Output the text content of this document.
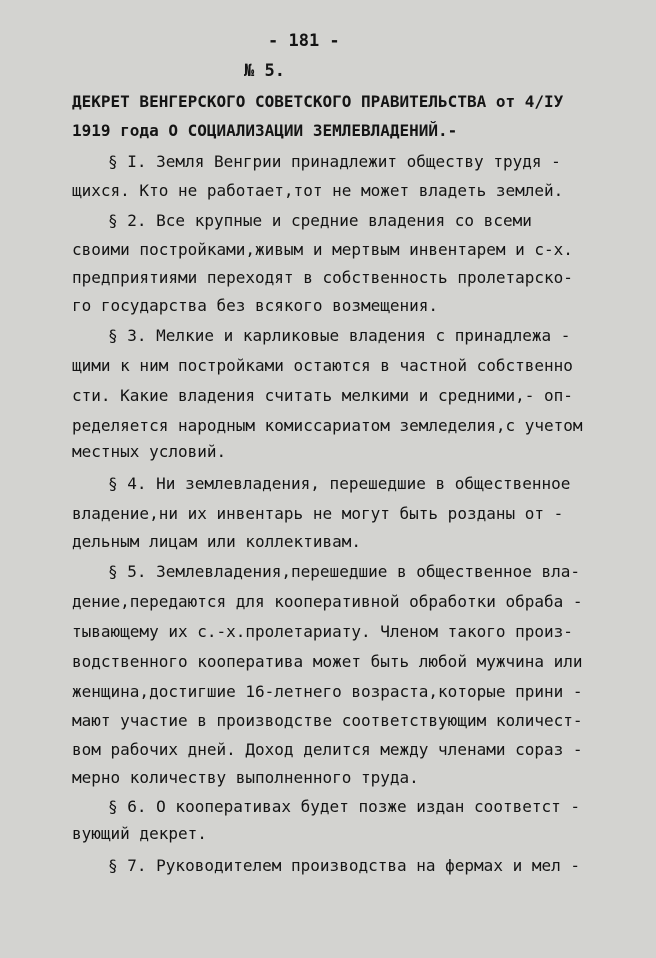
- 181 -
№ 5.
ДЕКРЕТ ВЕНГЕРСКОГО СОВЕТСКОГО ПРАВИТЕЛЬСТВА от 4/IУ
1919 года О СОЦИАЛИЗАЦИИ ЗЕМЛЕВЛАДЕНИЙ.-
§ I. Земля Венгрии принадлежит обществу трудя -
щихся. Кто не работает,тот не может владеть землей.
§ 2. Все крупные и средние владения со всеми
своими постройками,живым и мертвым инвентарем и с-х.
предприятиями переходят в собственность пролетарско-
го государства без всякого возмещения.
§ 3. Мелкие и карликовые владения с принадлежа -
щими к ним постройками остаются в частной собственно
сти. Какие владения считать мелкими и средними,- оп-
ределяется народным комиссариатом земледелия,с учетом
местных условий.
§ 4. Ни землевладения, перешедшие в общественное
владение,ни их инвентарь не могут быть розданы от -
дельным лицам или коллективам.
§ 5. Землевладения,перешедшие в общественное вла-
дение,передаются для кооперативной обработки обраба -
тывающему их с.-х.пролетариату. Членом такого произ-
водственного кооператива может быть любой мужчина или
женщина,достигшие 16-летнего возраста,которые прини -
мают участие в производстве соответствующим количест-
вом рабочих дней. Доход делится между членами сораз -
мерно количеству выполненного труда.
§ 6. О кооперативах будет позже издан соответст -
вующий декрет.
§ 7. Руководителем производства на фермах и мел -
